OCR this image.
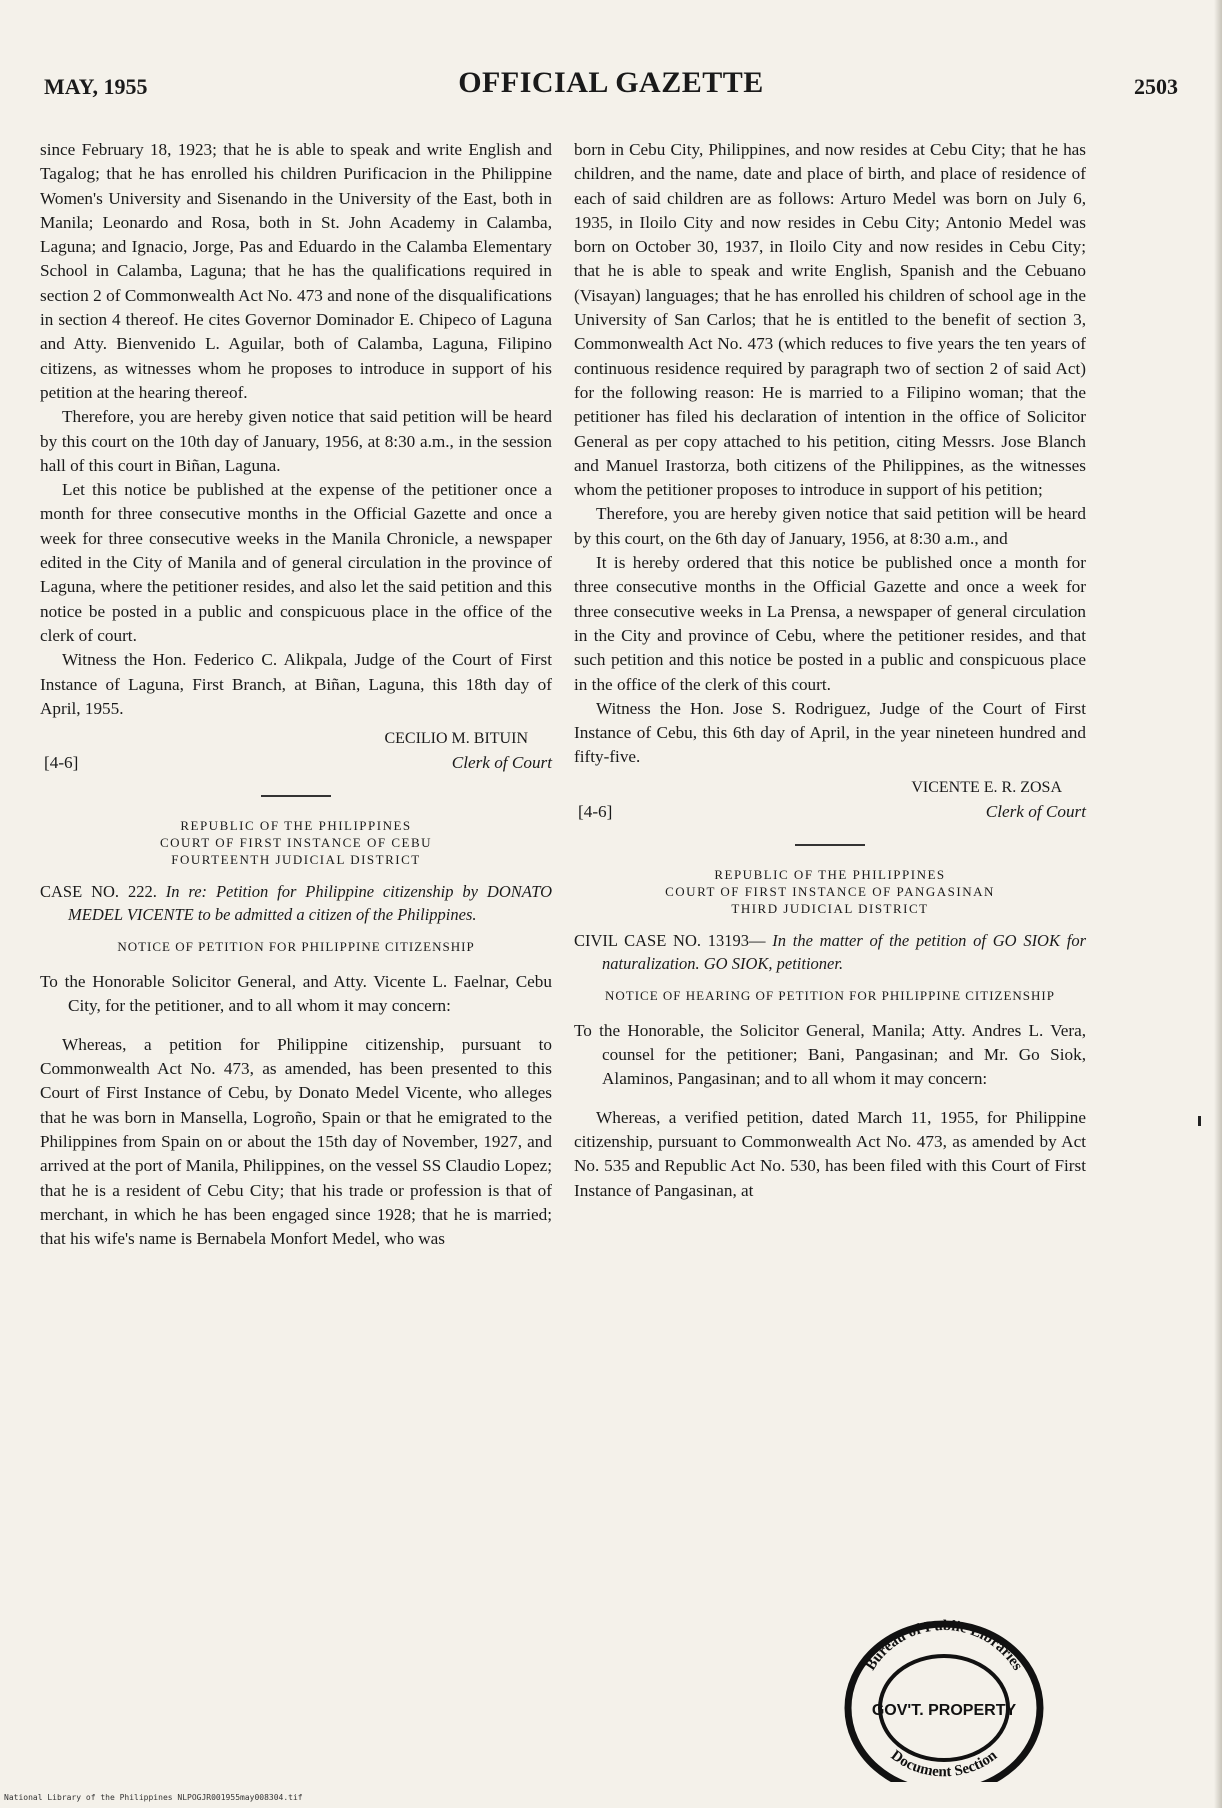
MAY, 1955	OFFICIAL GAZETTE	2503

since February 18, 1923; that he is able to speak and write English and Tagalog; that he has enrolled his children Purificacion in the Philippine Women's University and Sisenando in the University of the East, both in Manila; Leonardo and Rosa, both in St. John Academy in Calamba, Laguna; and Ignacio, Jorge, Pas and Eduardo in the Calamba Elementary School in Calamba, Laguna; that he has the qualifications required in section 2 of Commonwealth Act No. 473 and none of the disqualifications in section 4 thereof. He cites Governor Dominador E. Chipeco of Laguna and Atty. Bienvenido L. Aguilar, both of Calamba, Laguna, Filipino citizens, as witnesses whom he proposes to introduce in support of his petition at the hearing thereof.

Therefore, you are hereby given notice that said petition will be heard by this court on the 10th day of January, 1956, at 8:30 a.m., in the session hall of this court in Biñan, Laguna.

Let this notice be published at the expense of the petitioner once a month for three consecutive months in the Official Gazette and once a week for three consecutive weeks in the Manila Chronicle, a newspaper edited in the City of Manila and of general circulation in the province of Laguna, where the petitioner resides, and also let the said petition and this notice be posted in a public and conspicuous place in the office of the clerk of court.

Witness the Hon. Federico C. Alikpala, Judge of the Court of First Instance of Laguna, First Branch, at Biñan, Laguna, this 18th day of April, 1955.

CECILIO M. BITUIN
Clerk of Court
[4-6]
REPUBLIC OF THE PHILIPPINES
COURT OF FIRST INSTANCE OF CEBU
FOURTEENTH JUDICIAL DISTRICT
CASE NO. 222. In re: Petition for Philippine citizenship by DONATO MEDEL VICENTE to be admitted a citizen of the Philippines.
NOTICE OF PETITION FOR PHILIPPINE CITIZENSHIP

To the Honorable Solicitor General, and Atty. Vicente L. Faelnar, Cebu City, for the petitioner, and to all whom it may concern:

Whereas, a petition for Philippine citizenship, pursuant to Commonwealth Act No. 473, as amended, has been presented to this Court of First Instance of Cebu, by Donato Medel Vicente, who alleges that he was born in Mansella, Logroño, Spain or that he emigrated to the Philippines from Spain on or about the 15th day of November, 1927, and arrived at the port of Manila, Philippines, on the vessel SS Claudio Lopez; that he is a resident of Cebu City; that his trade or profession is that of merchant, in which he has been engaged since 1928; that he is married; that his wife's name is Bernabela Monfort Medel, who was

born in Cebu City, Philippines, and now resides at Cebu City; that he has children, and the name, date and place of birth, and place of residence of each of said children are as follows: Arturo Medel was born on July 6, 1935, in Iloilo City and now resides in Cebu City; Antonio Medel was born on October 30, 1937, in Iloilo City and now resides in Cebu City; that he is able to speak and write English, Spanish and the Cebuano (Visayan) languages; that he has enrolled his children of school age in the University of San Carlos; that he is entitled to the benefit of section 3, Commonwealth Act No. 473 (which reduces to five years the ten years of continuous residence required by paragraph two of section 2 of said Act) for the following reason: He is married to a Filipino woman; that the petitioner has filed his declaration of intention in the office of Solicitor General as per copy attached to his petition, citing Messrs. Jose Blanch and Manuel Irastorza, both citizens of the Philippines, as the witnesses whom the petitioner proposes to introduce in support of his petition;

Therefore, you are hereby given notice that said petition will be heard by this court, on the 6th day of January, 1956, at 8:30 a.m., and

It is hereby ordered that this notice be published once a month for three consecutive months in the Official Gazette and once a week for three consecutive weeks in La Prensa, a newspaper of general circulation in the City and province of Cebu, where the petitioner resides, and that such petition and this notice be posted in a public and conspicuous place in the office of the clerk of this court.

Witness the Hon. Jose S. Rodriguez, Judge of the Court of First Instance of Cebu, this 6th day of April, in the year nineteen hundred and fifty-five.

VICENTE E. R. ZOSA
Clerk of Court
[4-6]
REPUBLIC OF THE PHILIPPINES
COURT OF FIRST INSTANCE OF PANGASINAN
THIRD JUDICIAL DISTRICT
CIVIL CASE NO. 13193— In the matter of the petition of GO SIOK for naturalization. GO SIOK, petitioner.
NOTICE OF HEARING OF PETITION FOR PHILIPPINE CITIZENSHIP

To the Honorable, the Solicitor General, Manila; Atty. Andres L. Vera, counsel for the petitioner; Bani, Pangasinan; and Mr. Go Siok, Alaminos, Pangasinan; and to all whom it may concern:

Whereas, a verified petition, dated March 11, 1955, for Philippine citizenship, pursuant to Commonwealth Act No. 473, as amended by Act No. 535 and Republic Act No. 530, has been filed with this Court of First Instance of Pangasinan, at

Bureau of Public Libraries
GOV'T. PROPERTY
Document Section
National Library of the Philippines NLPOGJR001955may008304.tif
